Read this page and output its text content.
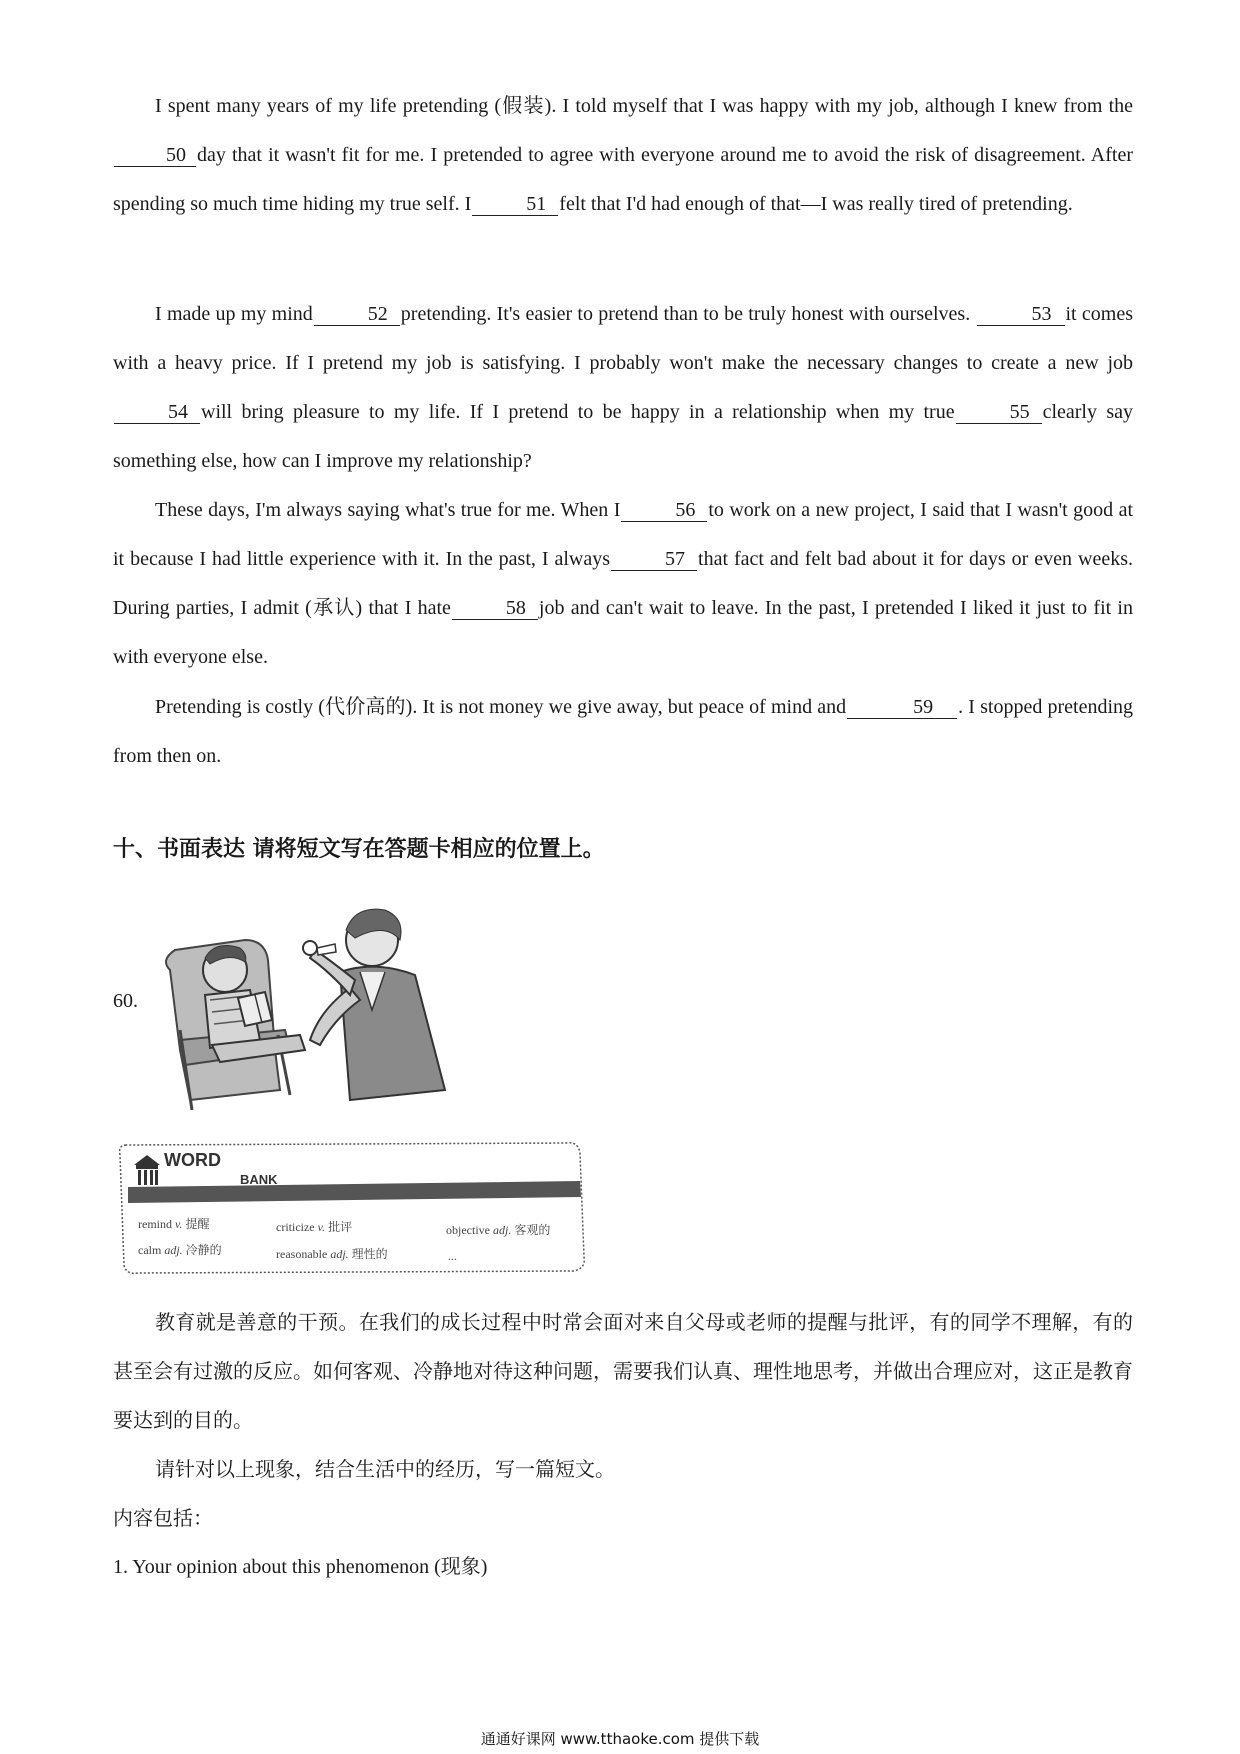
I spent many years of my life pretending (假装). I told myself that I was happy with my job, although I knew from the50 day that it wasn't fit for me. I pretended to agree with everyone around me to avoid the risk of disagreement. After spending so much time hiding my true self. I	51 felt that I'd had enough of that—I was really tired of pretending.

I made up my mind	52 pretending. It's easier to pretend than to be truly honest with ourselves.	53 it comes with a heavy price. If I pretend my job is satisfying. I probably won't make the necessary changes to create a new job54 will bring pleasure to my life. If I pretend to be happy in a relationship when my true	55 clearly say something else, how can I improve my relationship?

These days, I'm always saying what's true for me. When I	56 to work on a new project, I said that I wasn't good at it because I had little experience with it. In the past, I always	57 that fact and felt bad about it for days or even weeks. During parties, I admit (承认) that I hate	58 job and can't wait to leave. In the past, I pretended I liked it just to fit in with everyone else.

Pretending is costly (代价高的). It is not money we give away, but peace of mind and	59 . I stopped pretending from then on.

十、书面表达 请将短文写在答题卡相应的位置上。
60.
WORD
BANK
remind v. 提醒	criticize v. 批评	objective adj. 客观的
calm adj. 冷静的	reasonable adj. 理性的	...

教育就是善意的干预。在我们的成长过程中时常会面对来自父母或老师的提醒与批评，有的同学不理解，有的甚至会有过激的反应。如何客观、冷静地对待这种问题，需要我们认真、理性地思考，并做出合理应对，这正是教育要达到的目的。

请针对以上现象，结合生活中的经历，写一篇短文。

内容包括：

1. Your opinion about this phenomenon (现象)

通通好课网 www.tthaoke.com 提供下载
